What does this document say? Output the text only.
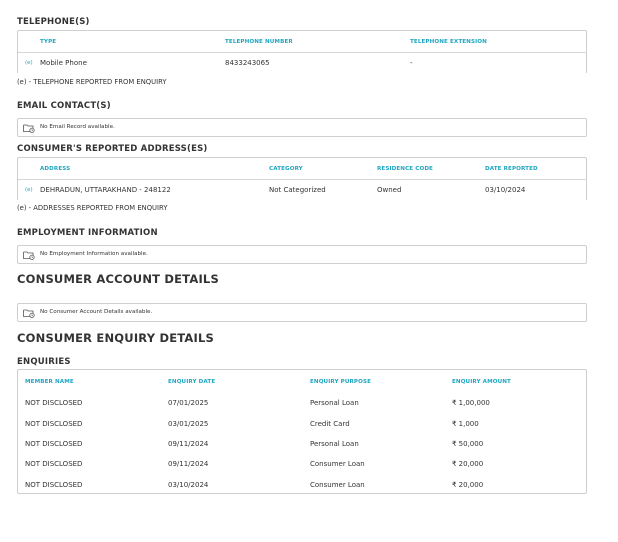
TELEPHONE(S)
TYPE	TELEPHONE NUMBER	TELEPHONE EXTENSION
(e) Mobile Phone	8433243065	-
(e) - TELEPHONE REPORTED FROM ENQUIRY
EMAIL CONTACT(S)
No Email Record available.
CONSUMER'S REPORTED ADDRESS(ES)
ADDRESS	CATEGORY	RESIDENCE CODE	DATE REPORTED
(e) DEHRADUN, UTTARAKHAND - 248122	Not Categorized	Owned	03/10/2024
(e) - ADDRESSES REPORTED FROM ENQUIRY
EMPLOYMENT INFORMATION
No Employment Information available.
CONSUMER ACCOUNT DETAILS
No Consumer Account Details available.
CONSUMER ENQUIRY DETAILS
ENQUIRIES
MEMBER NAME	ENQUIRY DATE	ENQUIRY PURPOSE	ENQUIRY AMOUNT
NOT DISCLOSED	07/01/2025	Personal Loan	₹ 1,00,000
NOT DISCLOSED	03/01/2025	Credit Card	₹ 1,000
NOT DISCLOSED	09/11/2024	Personal Loan	₹ 50,000
NOT DISCLOSED	09/11/2024	Consumer Loan	₹ 20,000
NOT DISCLOSED	03/10/2024	Consumer Loan	₹ 20,000
